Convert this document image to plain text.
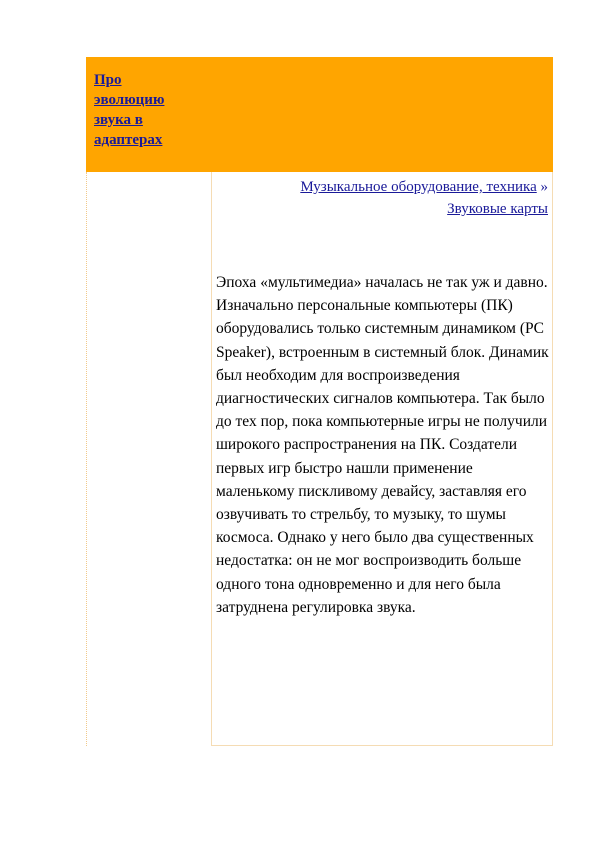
Про
эволюцию
звука в
адаптерах
Музыкальное оборудование, техника » Звуковые карты
Эпоха «мультимедиа» началась не так уж и давно. Изначально персональные компьютеры (ПК) оборудовались только системным динамиком (PC Speaker), встроенным в системный блок. Динамик был необходим для воспроизведения диагностических сигналов компьютера. Так было до тех пор, пока компьютерные игры не получили широкого распространения на ПК. Создатели первых игр быстро нашли применение маленькому пискливому девайсу, заставляя его озвучивать то стрельбу, то музыку, то шумы космоса. Однако у него было два существенных недостатка: он не мог воспроизводить больше одного тона одновременно и для него была затруднена регулировка звука.
